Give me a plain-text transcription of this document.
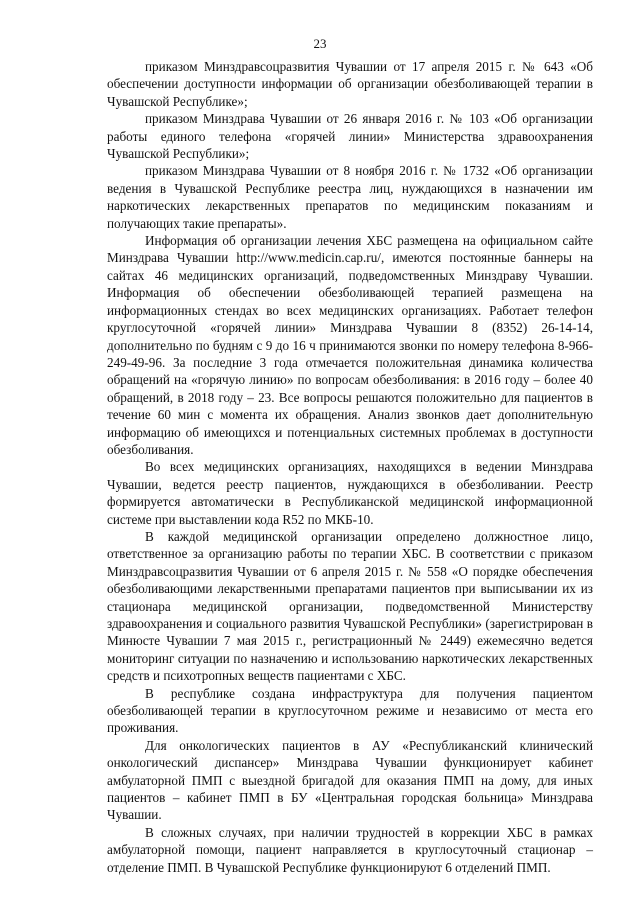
23

приказом Минздравсоцразвития Чувашии от 17 апреля 2015 г. № 643 «Об обеспечении доступности информации об организации обезболивающей терапии в Чувашской Республике»;

приказом Минздрава Чувашии от 26 января 2016 г. № 103 «Об организации работы единого телефона «горячей линии» Министерства здравоохранения Чувашской Республики»;

приказом Минздрава Чувашии от 8 ноября 2016 г. № 1732 «Об организации ведения в Чувашской Республике реестра лиц, нуждающихся в назначении им наркотических лекарственных препаратов по медицинским показаниям и получающих такие препараты».

Информация об организации лечения ХБС размещена на официальном сайте Минздрава Чувашии http://www.medicin.cap.ru/, имеются постоянные баннеры на сайтах 46 медицинских организаций, подведомственных Минздраву Чувашии. Информация об обеспечении обезболивающей терапией размещена на информационных стендах во всех медицинских организациях. Работает телефон круглосуточной «горячей линии» Минздрава Чувашии 8 (8352) 26-14-14, дополнительно по будням с 9 до 16 ч принимаются звонки по номеру телефона 8-966-249-49-96. За последние 3 года отмечается положительная динамика количества обращений на «горячую линию» по вопросам обезболивания: в 2016 году – более 40 обращений, в 2018 году – 23. Все вопросы решаются положительно для пациентов в течение 60 мин с момента их обращения. Анализ звонков дает дополнительную информацию об имеющихся и потенциальных системных проблемах в доступности обезболивания.

Во всех медицинских организациях, находящихся в ведении Минздрава Чувашии, ведется реестр пациентов, нуждающихся в обезболивании. Реестр формируется автоматически в Республиканской медицинской информационной системе при выставлении кода R52 по МКБ-10.

В каждой медицинской организации определено должностное лицо, ответственное за организацию работы по терапии ХБС. В соответствии с приказом Минздравсоцразвития Чувашии от 6 апреля 2015 г. № 558 «О порядке обеспечения обезболивающими лекарственными препаратами пациентов при выписывании их из стационара медицинской организации, подведомственной Министерству здравоохранения и социального развития Чувашской Республики» (зарегистрирован в Минюсте Чувашии 7 мая 2015 г., регистрационный № 2449) ежемесячно ведется мониторинг ситуации по назначению и использованию наркотических лекарственных средств и психотропных веществ пациентами с ХБС.

В республике создана инфраструктура для получения пациентом обезболивающей терапии в круглосуточном режиме и независимо от места его проживания.

Для онкологических пациентов в АУ «Республиканский клинический онкологический диспансер» Минздрава Чувашии функционирует кабинет амбулаторной ПМП с выездной бригадой для оказания ПМП на дому, для иных пациентов – кабинет ПМП в БУ «Центральная городская больница» Минздрава Чувашии.

В сложных случаях, при наличии трудностей в коррекции ХБС в рамках амбулаторной помощи, пациент направляется в круглосуточный стационар – отделение ПМП. В Чувашской Республике функционируют 6 отделений ПМП.
